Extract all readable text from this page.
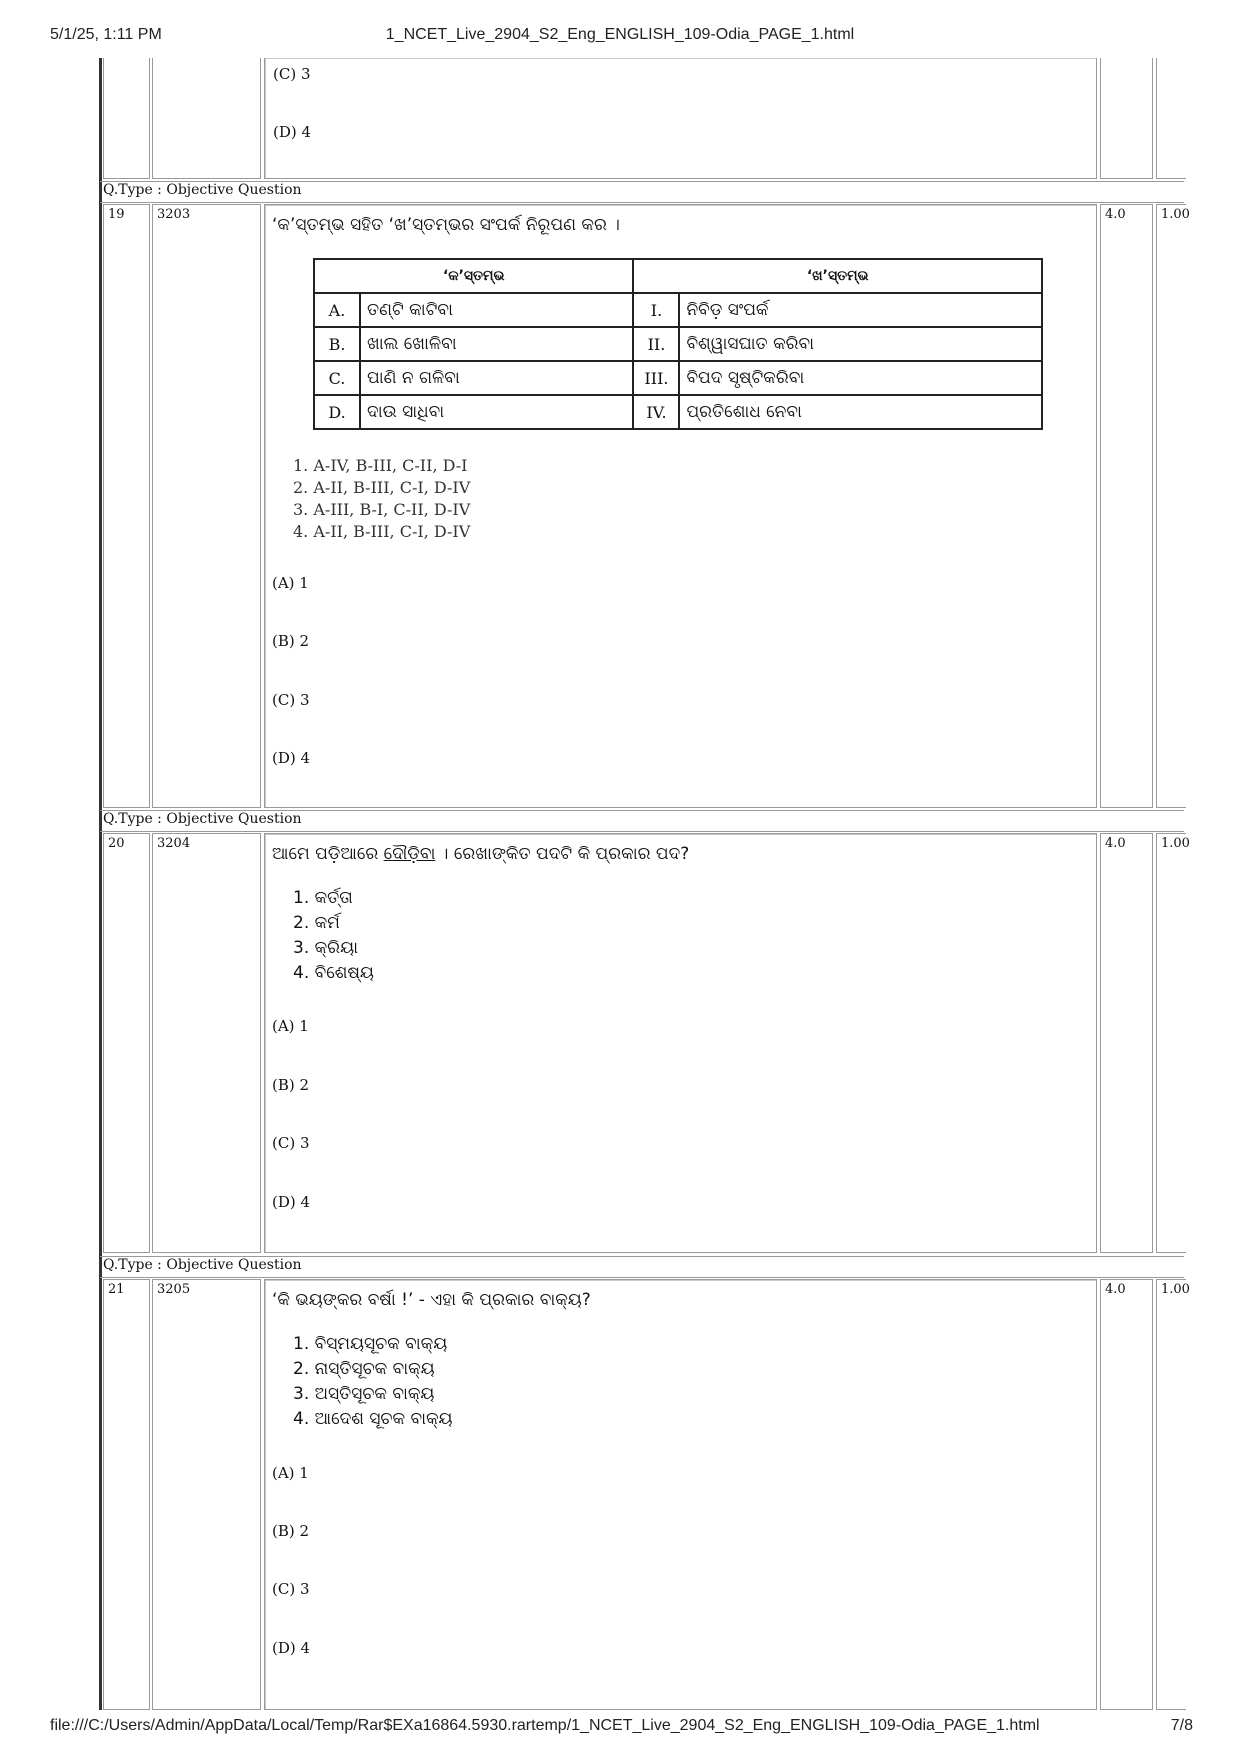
5/1/25, 1:11 PM	1_NCET_Live_2904_S2_Eng_ENGLISH_109-Odia_PAGE_1.html
(C) 3
(D) 4
Q.Type : Objective Question
19	3203	4.0	1.00
‘କ’ସ୍ତମ୍ଭ ସହିତ ‘ଖ’ସ୍ତମ୍ଭର ସଂପର୍କ ନିରୂପଣ କର ।
‘କ’ସ୍ତମ୍ଭ		‘ଖ’ସ୍ତମ୍ଭ	
A.	ତଣ୍ଟି କାଟିବା	I.	ନିବିଡ଼ ସଂପର୍କ
B.	ଖାଲ ଖୋଳିବା	II.	ବିଶ୍ୱାସଘାତ କରିବା
C.	ପାଣି ନ ଗଳିବା	III.	ବିପଦ ସୃଷ୍ଟିକରିବା
D.	ଦାଉ ସାଧିବା	IV.	ପ୍ରତିଶୋଧ ନେବା
1. A-IV, B-III, C-II, D-I
2. A-II, B-III, C-I, D-IV
3. A-III, B-I, C-II, D-IV
4. A-II, B-III, C-I, D-IV
(A) 1
(B) 2
(C) 3
(D) 4
Q.Type : Objective Question
20	3204	4.0	1.00
ଆମେ ପଡ଼ିଆରେ ଦୌଡ଼ିବା । ରେଖାଙ୍କିତ ପଦଟି କି ପ୍ରକାର ପଦ?
1. କର୍ତ୍ତା
2. କର୍ମ
3. କ୍ରିୟା
4. ବିଶେଷ୍ୟ
(A) 1
(B) 2
(C) 3
(D) 4
Q.Type : Objective Question
21	3205	4.0	1.00
‘କି ଭୟଙ୍କର ବର୍ଷା !’ - ଏହା କି ପ୍ରକାର ବାକ୍ୟ?
1. ବିସ୍ମୟସୂଚକ ବାକ୍ୟ
2. ନାସ୍ତିସୂଚକ ବାକ୍ୟ
3. ଅସ୍ତିସୂଚକ ବାକ୍ୟ
4. ଆଦେଶ ସୂଚକ ବାକ୍ୟ
(A) 1
(B) 2
(C) 3
(D) 4
file:///C:/Users/Admin/AppData/Local/Temp/Rar$EXa16864.5930.rartemp/1_NCET_Live_2904_S2_Eng_ENGLISH_109-Odia_PAGE_1.html	7/8
